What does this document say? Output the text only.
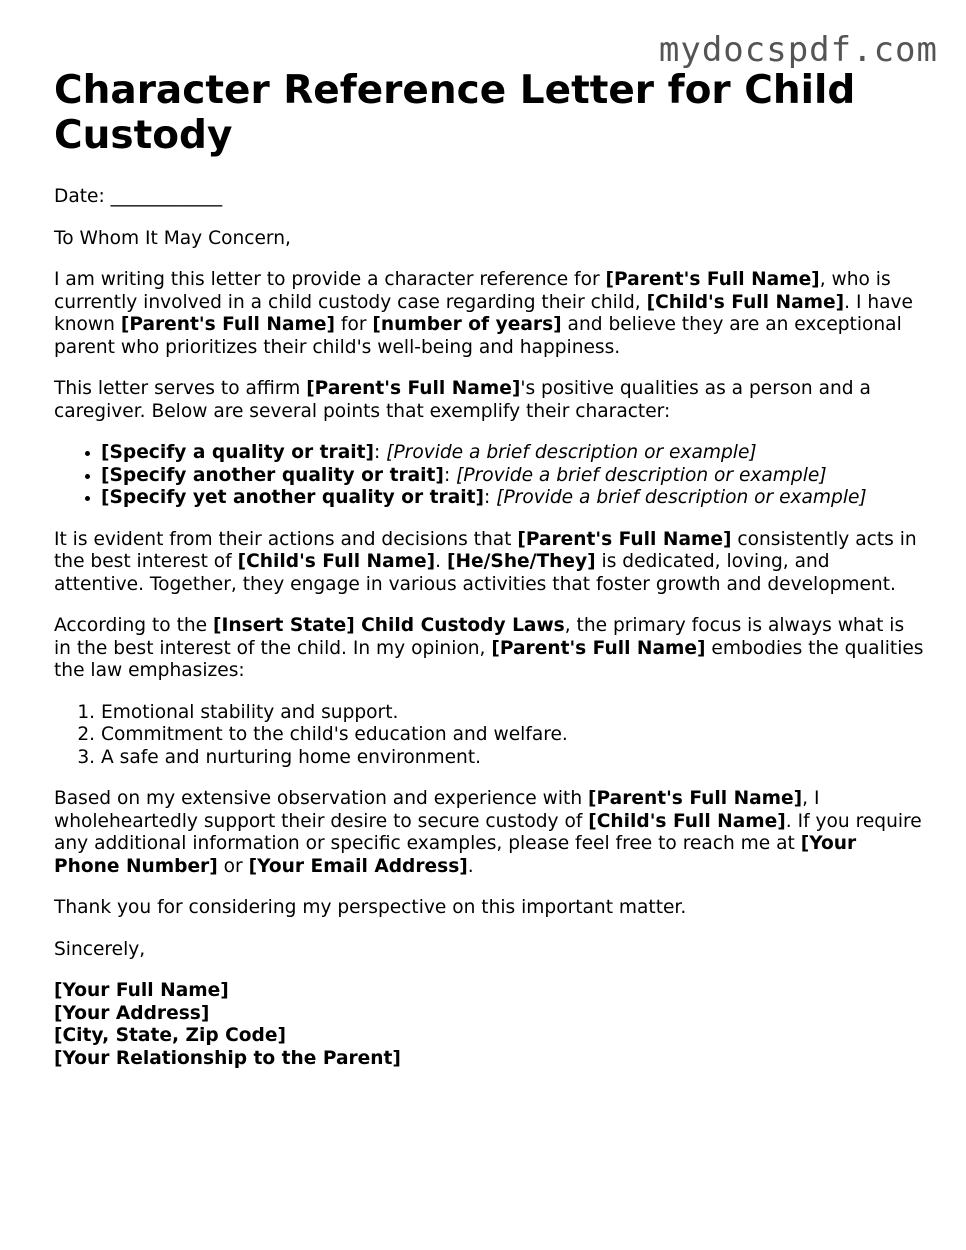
mydocspdf.com
Character Reference Letter for Child Custody

Date: ____________

To Whom It May Concern,

I am writing this letter to provide a character reference for [Parent's Full Name], who is currently involved in a child custody case regarding their child, [Child's Full Name]. I have known [Parent's Full Name] for [number of years] and believe they are an exceptional parent who prioritizes their child's well-being and happiness.

This letter serves to affirm [Parent's Full Name]'s positive qualities as a person and a caregiver. Below are several points that exemplify their character:

• [Specify a quality or trait]: [Provide a brief description or example]
• [Specify another quality or trait]: [Provide a brief description or example]
• [Specify yet another quality or trait]: [Provide a brief description or example]

It is evident from their actions and decisions that [Parent's Full Name] consistently acts in the best interest of [Child's Full Name]. [He/She/They] is dedicated, loving, and attentive. Together, they engage in various activities that foster growth and development.

According to the [Insert State] Child Custody Laws, the primary focus is always what is in the best interest of the child. In my opinion, [Parent's Full Name] embodies the qualities the law emphasizes:

1. Emotional stability and support.
2. Commitment to the child's education and welfare.
3. A safe and nurturing home environment.

Based on my extensive observation and experience with [Parent's Full Name], I wholeheartedly support their desire to secure custody of [Child's Full Name]. If you require any additional information or specific examples, please feel free to reach me at [Your Phone Number] or [Your Email Address].

Thank you for considering my perspective on this important matter.

Sincerely,

[Your Full Name]
[Your Address]
[City, State, Zip Code]
[Your Relationship to the Parent]
